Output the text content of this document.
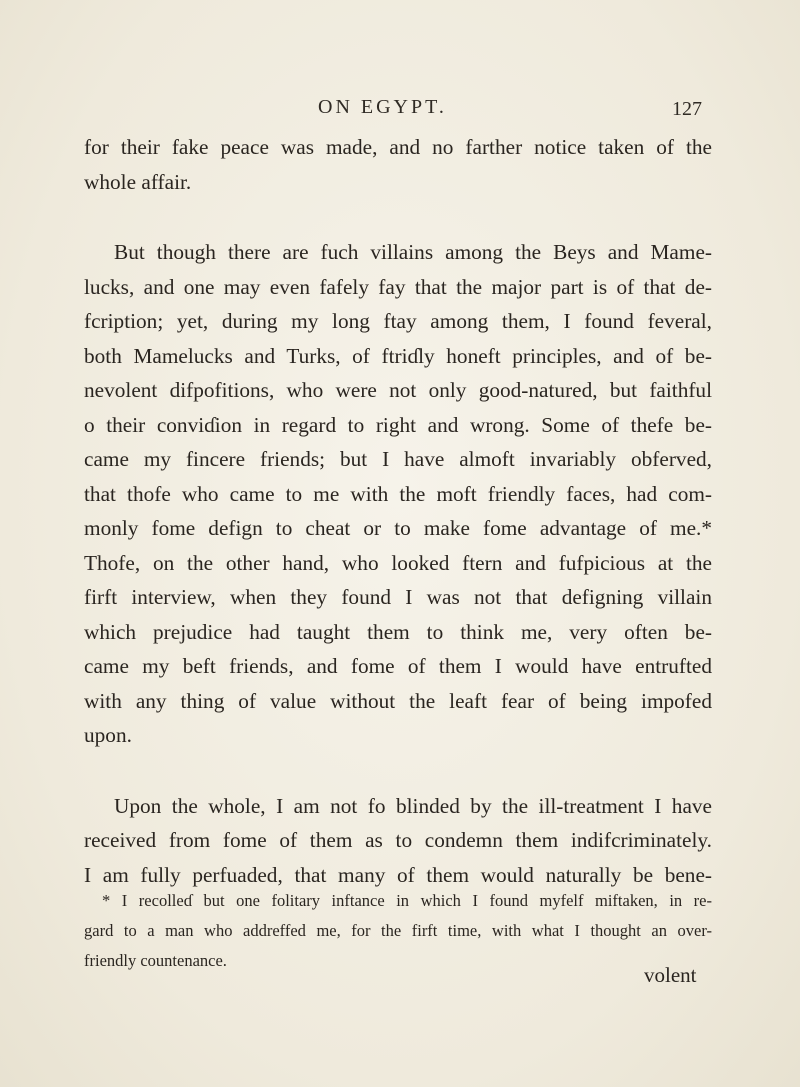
ON EGYPT.	127
for their fake peace was made, and no farther notice taken of the
whole affair.
But though there are fuch villains among the Beys and Mame-
lucks, and one may even fafely fay that the major part is of that de-
fcription; yet, during my long ftay among them, I found feveral,
both Mamelucks and Turks, of ftriɗly honeft principles, and of be-
nevolent difpofitions, who were not only good-natured, but faithful
o their conviɗion in regard to right and wrong. Some of thefe be-
came my fincere friends; but I have almoft invariably obferved,
that thofe who came to me with the moft friendly faces, had com-
monly fome defign to cheat or to make fome advantage of me.*
Thofe, on the other hand, who looked ftern and fufpicious at the
firft interview, when they found I was not that defigning villain
which prejudice had taught them to think me, very often be-
came my beft friends, and fome of them I would have entrufted
with any thing of value without the leaft fear of being impofed
upon.
Upon the whole, I am not fo blinded by the ill-treatment I have
received from fome of them as to condemn them indifcriminately.
I am fully perfuaded, that many of them would naturally be bene-
* I recolleɗ but one folitary inftance in which I found myfelf miftaken, in re-
gard to a man who addreffed me, for the firft time, with what I thought an over-
friendly countenance.
volent
